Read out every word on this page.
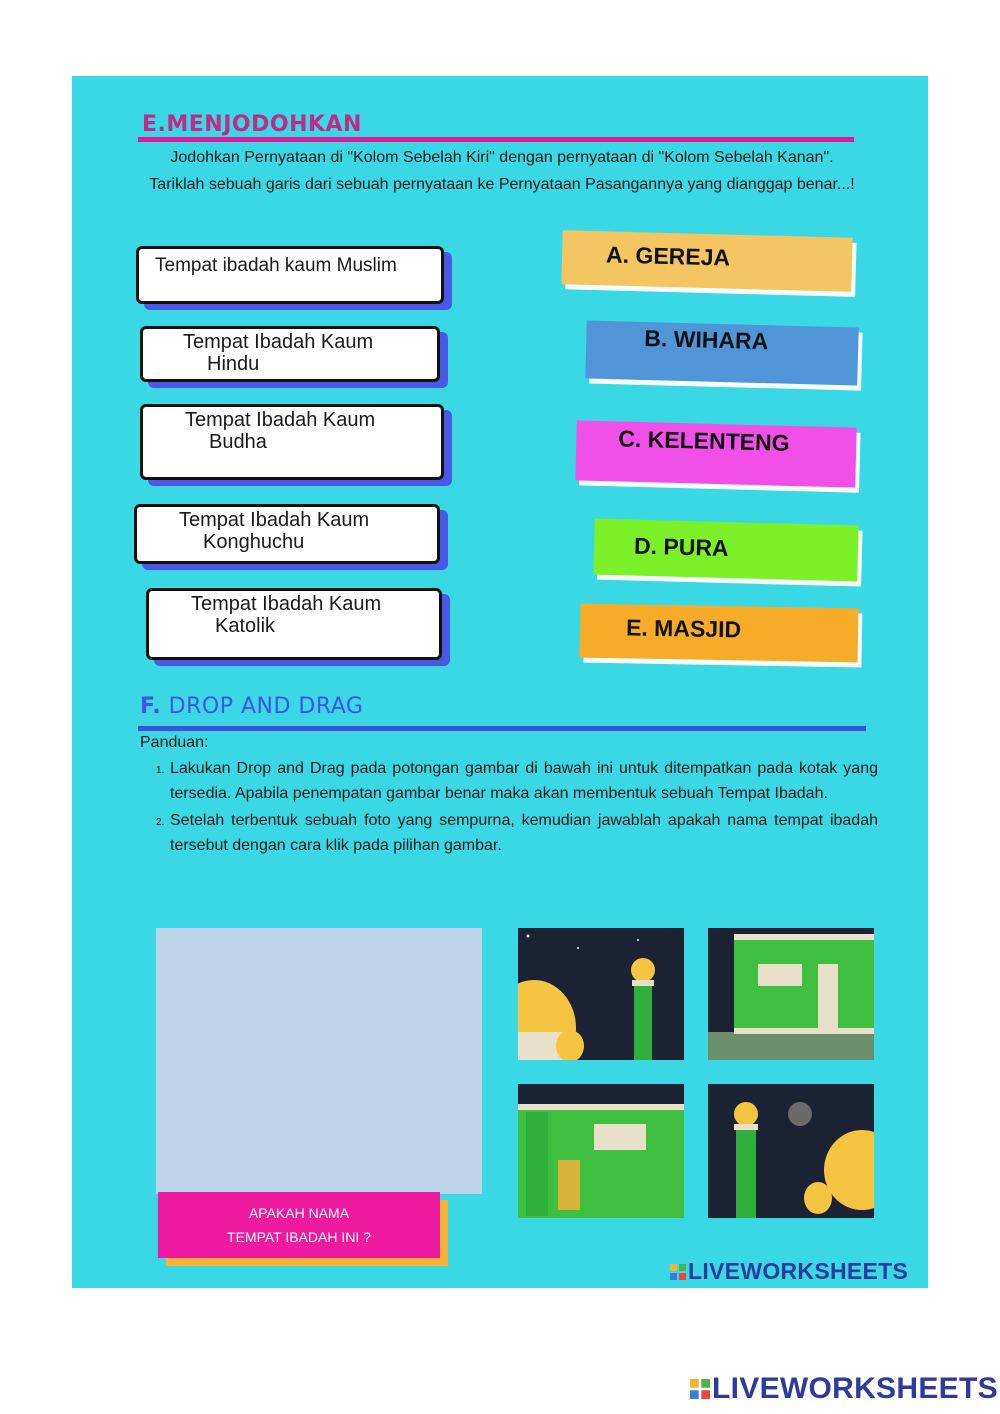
E.MENJODOHKAN
Jodohkan Pernyataan di "Kolom Sebelah Kiri" dengan pernyataan di "Kolom Sebelah Kanan". Tariklah sebuah garis dari sebuah pernyataan ke Pernyataan Pasangannya yang dianggap benar...!
Tempat ibadah kaum Muslim
Tempat Ibadah Kaum
Hindu
Tempat Ibadah Kaum
Budha
Tempat Ibadah Kaum
Konghuchu
Tempat Ibadah Kaum
Katolik
A. GEREJA
B. WIHARA
C. KELENTENG
D. PURA
E. MASJID
F. DROP AND DRAG
Panduan:
1. Lakukan Drop and Drag pada potongan gambar di bawah ini untuk ditempatkan pada kotak yang tersedia. Apabila penempatan gambar benar maka akan membentuk sebuah Tempat Ibadah.
2. Setelah terbentuk sebuah foto yang sempurna, kemudian jawablah apakah nama tempat ibadah tersebut dengan cara klik pada pilihan gambar.
APAKAH NAMA
TEMPAT IBADAH INI ?
LIVEWORKSHEETS
LIVEWORKSHEETS
